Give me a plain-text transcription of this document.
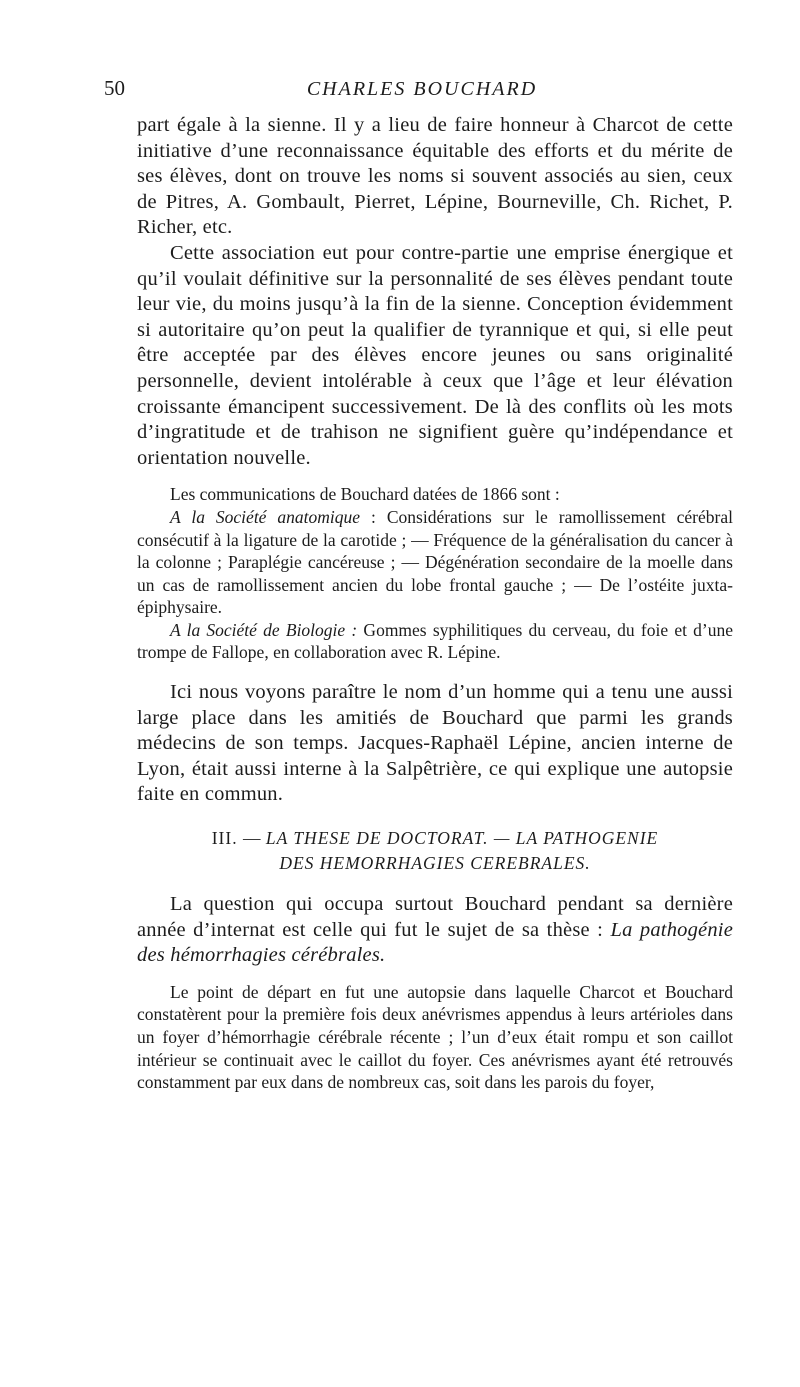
50	CHARLES BOUCHARD

part égale à la sienne. Il y a lieu de faire honneur à Charcot de cette initiative d’une reconnaissance équitable des efforts et du mérite de ses élèves, dont on trouve les noms si souvent associés au sien, ceux de Pitres, A. Gombault, Pierret, Lépine, Bourneville, Ch. Richet, P. Richer, etc.

Cette association eut pour contre-partie une emprise énergique et qu’il voulait définitive sur la personnalité de ses élèves pendant toute leur vie, du moins jusqu’à la fin de la sienne. Conception évidemment si autoritaire qu’on peut la qualifier de tyrannique et qui, si elle peut être acceptée par des élèves encore jeunes ou sans originalité personnelle, devient intolérable à ceux que l’âge et leur élévation croissante émancipent successivement. De là des conflits où les mots d’ingratitude et de trahison ne signifient guère qu’indépendance et orientation nouvelle.

Les communications de Bouchard datées de 1866 sont :

A la Société anatomique : Considérations sur le ramollissement cérébral consécutif à la ligature de la carotide ; — Fréquence de la généralisation du cancer à la colonne ; Paraplégie cancéreuse ; — Dégénération secondaire de la moelle dans un cas de ramollissement ancien du lobe frontal gauche ; — De l’ostéite juxta-épiphysaire.

A la Société de Biologie : Gommes syphilitiques du cerveau, du foie et d’une trompe de Fallope, en collaboration avec R. Lépine.

Ici nous voyons paraître le nom d’un homme qui a tenu une aussi large place dans les amitiés de Bouchard que parmi les grands médecins de son temps. Jacques-Raphaël Lépine, ancien interne de Lyon, était aussi interne à la Salpêtrière, ce qui explique une autopsie faite en commun.

III. — LA THESE DE DOCTORAT. — LA PATHOGENIE
DES HEMORRHAGIES CEREBRALES.

La question qui occupa surtout Bouchard pendant sa dernière année d’internat est celle qui fut le sujet de sa thèse : La pathogénie des hémorrhagies cérébrales.

Le point de départ en fut une autopsie dans laquelle Charcot et Bouchard constatèrent pour la première fois deux anévrismes appendus à leurs artérioles dans un foyer d’hémorrhagie cérébrale récente ; l’un d’eux était rompu et son caillot intérieur se continuait avec le caillot du foyer. Ces anévrismes ayant été retrouvés constamment par eux dans de nombreux cas, soit dans les parois du foyer,
